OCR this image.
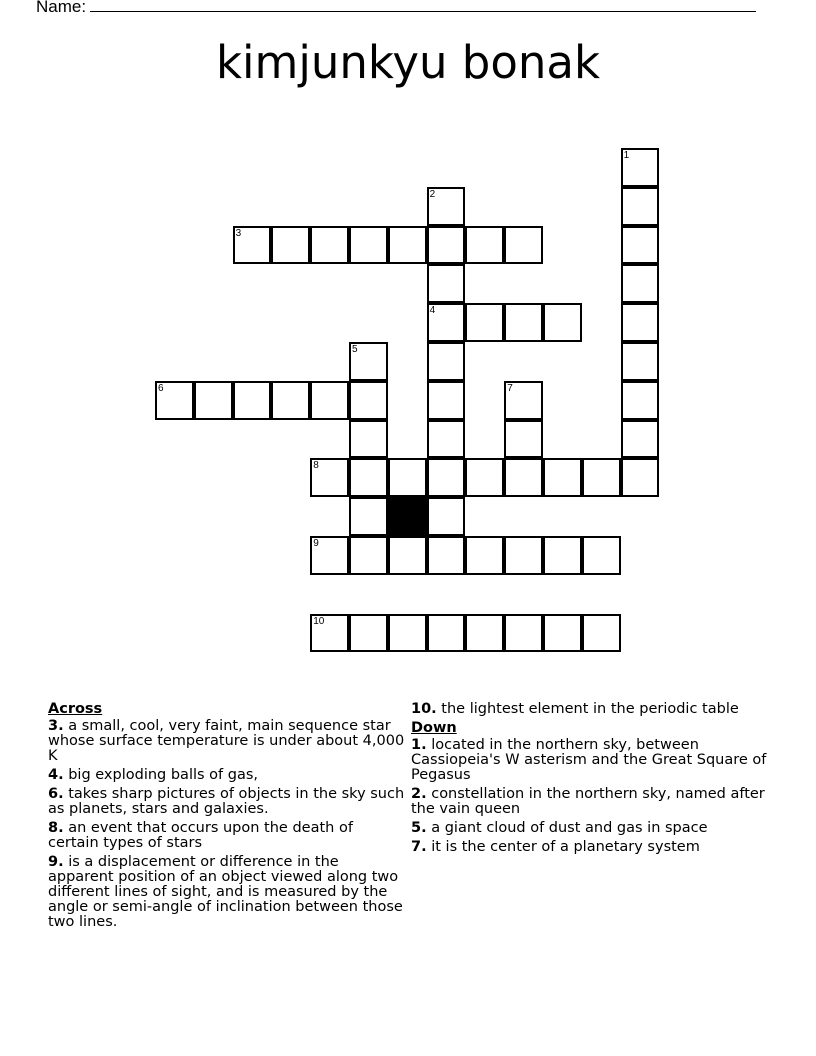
Name:
kimjunkyu bonak
1
2
4
3
5
6	7
8
9
10
Across
3. a small, cool, very faint, main sequence star whose surface temperature is under about 4,000 K
4. big exploding balls of gas,
6. takes sharp pictures of objects in the sky such as planets, stars and galaxies.
8. an event that occurs upon the death of certain types of stars
9. is a displacement or difference in the apparent position of an object viewed along two different lines of sight, and is measured by the angle or semi-angle of inclination between those two lines.
10. the lightest element in the periodic table
Down
1. located in the northern sky, between Cassiopeia's W asterism and the Great Square of Pegasus
2. constellation in the northern sky, named after the vain queen
5. a giant cloud of dust and gas in space
7. it is the center of a planetary system
